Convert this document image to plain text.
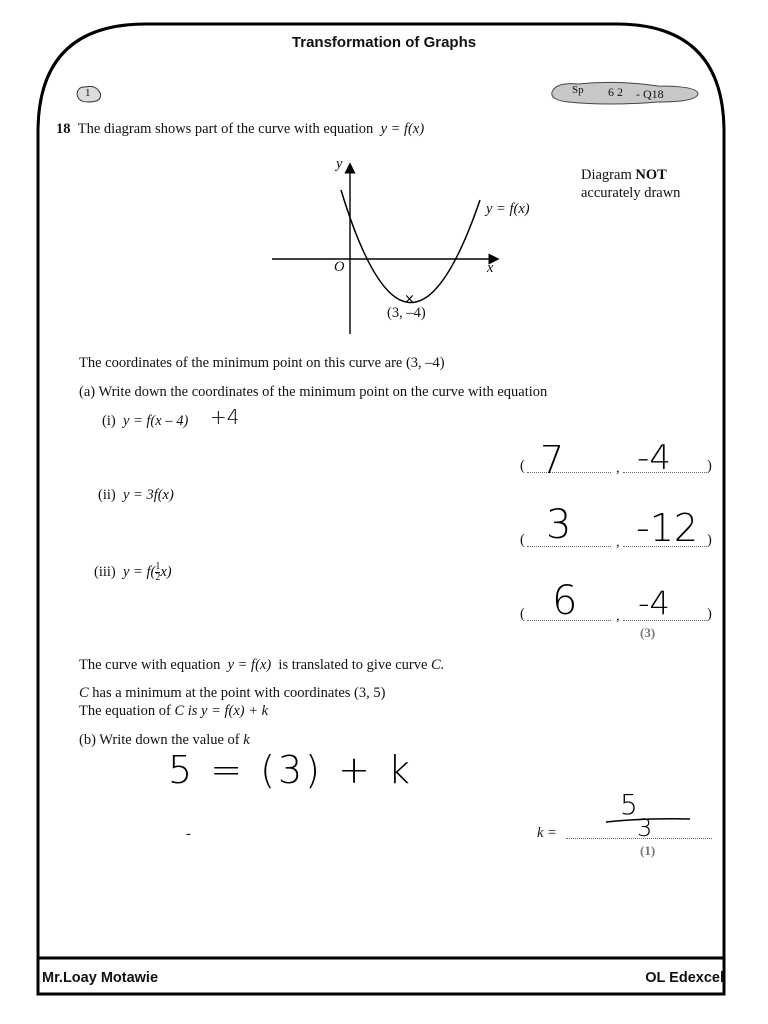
Transformation of Graphs
1	Sp 6 2 - Q18
18 The diagram shows part of the curve with equation y = f(x)
Diagram NOT
accurately drawn
×
y
x
O
y = f(x)
(3, –4)
The coordinates of the minimum point on this curve are (3, –4)
(a) Write down the coordinates of the minimum point on the curve with equation
(i) y = f(x – 4) +4
( 7	, -4 )
(ii) y = 3f(x)
( 3	, -12 )
(iii) $y = f( \frac{1}{2} x)$
( 6	, -4	)
(3)
The curve with equation y = f(x) is translated to give curve C.
C has a minimum at the point with coordinates (3, 5)
The equation of C is y = f(x) + k
(b) Write down the value of k
5 = (3) + k
-	k =
5
3
(1)
Mr.Loay Motawie	OL Edexcel
